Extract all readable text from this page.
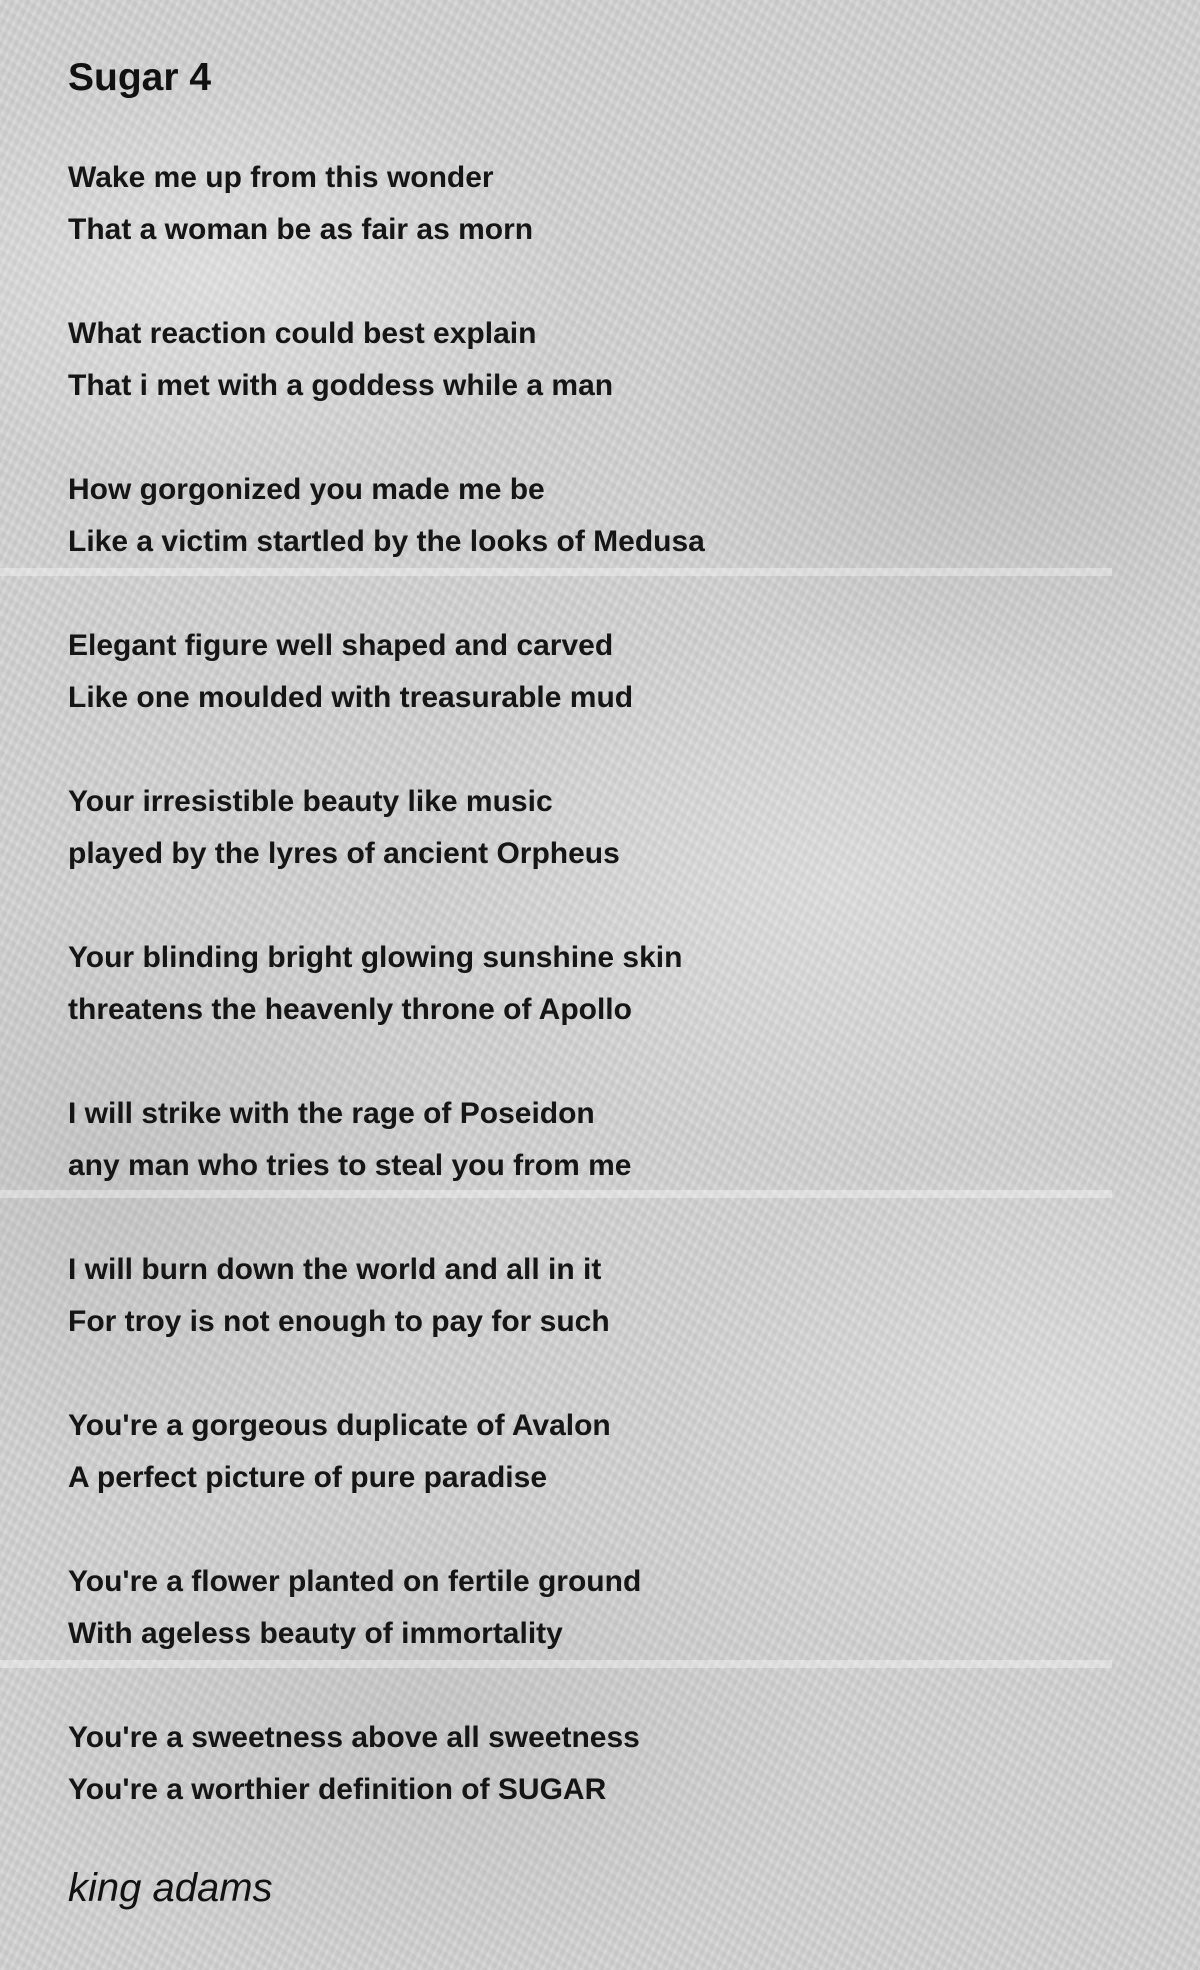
Sugar 4
Wake me up from this wonder
That a woman be as fair as morn
What reaction could best explain
That i met with a goddess while a man
How gorgonized you made me be
Like a victim startled by the looks of Medusa
Elegant figure well shaped and carved
Like one moulded with treasurable mud
Your irresistible beauty like music
played by the lyres of ancient Orpheus
Your blinding bright glowing sunshine skin
threatens the heavenly throne of Apollo
I will strike with the rage of Poseidon
any man who tries to steal you from me
I will burn down the world and all in it
For troy is not enough to pay for such
You're a gorgeous duplicate of Avalon
A perfect picture of pure paradise
You're a flower planted on fertile ground
With ageless beauty of immortality
You're a sweetness above all sweetness
You're a worthier definition of SUGAR
king adams
